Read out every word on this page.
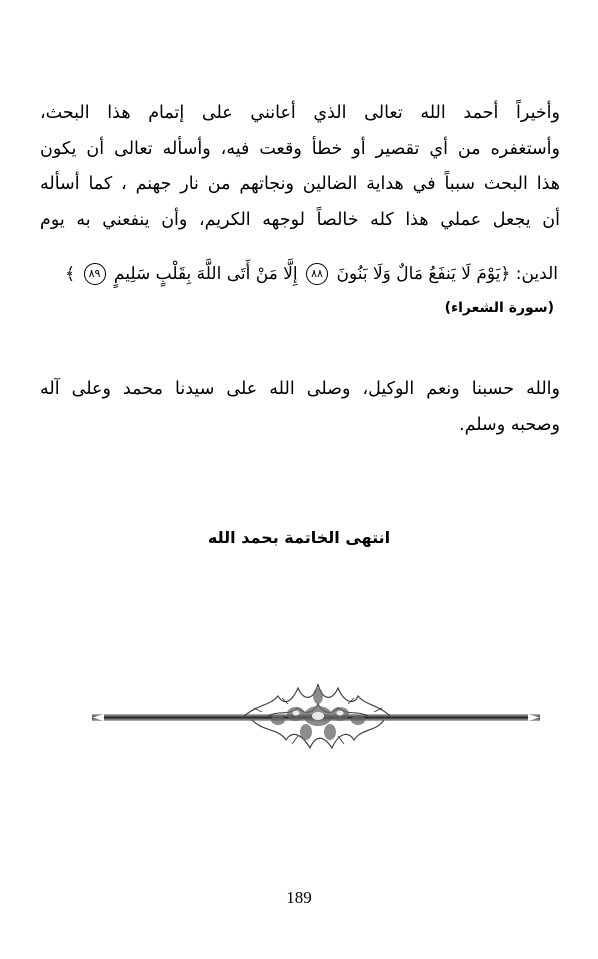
وأخيراً أحمد الله تعالى الذي أعانني على إتمام هذا البحث،
وأستغفره من أي تقصير أو خطأ وقعت فيه، وأسأله تعالى أن يكون
هذا البحث سبباً في هداية الضالين ونجاتهم من نار جهنم ، كما أسأله
أن يجعل عملي هذا كله خالصاً لوجهه الكريم، وأن ينفعني به يوم
الدين: ﴿يَوْمَ لَا يَنفَعُ مَالٌ وَلَا بَنُونَ ٨٨ إِلَّا مَنْ أَتَى اللَّهَ بِقَلْبٍ سَلِيمٍ ٨٩ ﴾
(سورة الشعراء)
والله حسبنا ونعم الوكيل، وصلى الله على سيدنا محمد وعلى آله
وصحبه وسلم.
انتهى الخاتمة بحمد الله
189
